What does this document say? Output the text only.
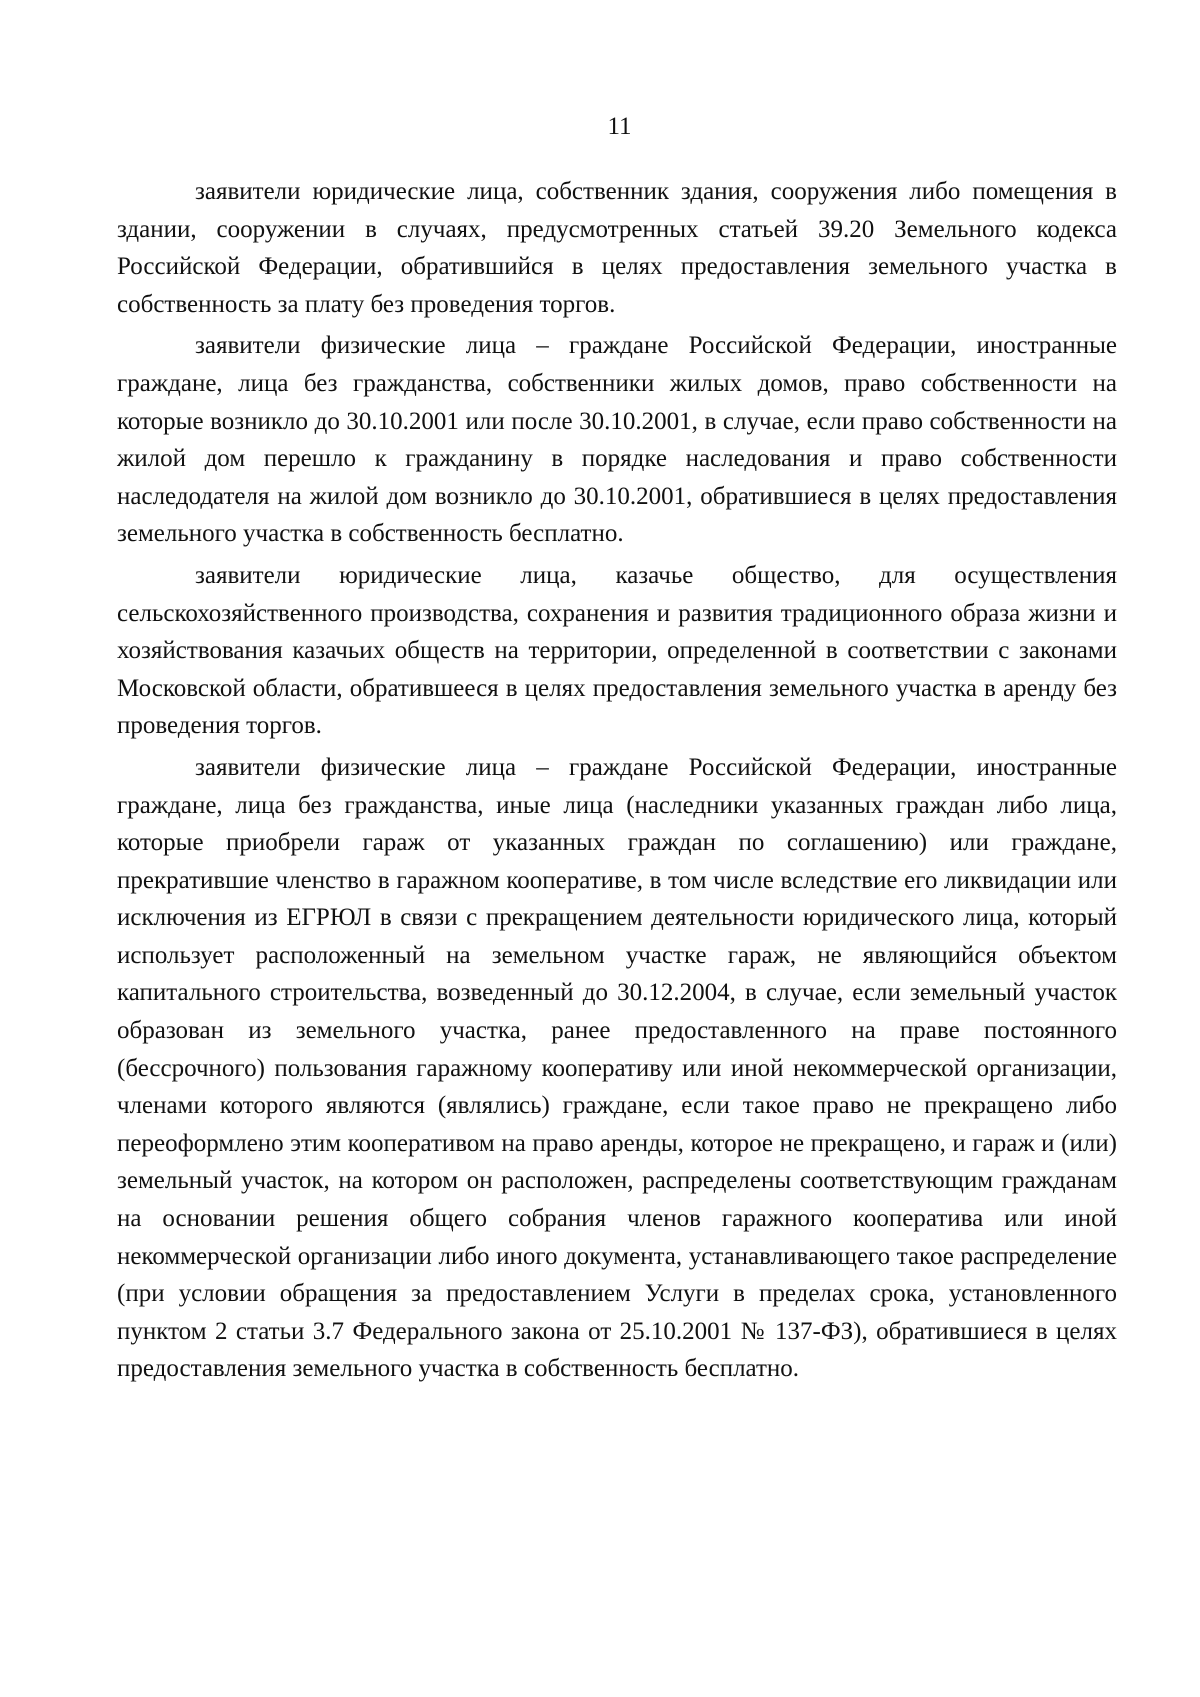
11

заявители юридические лица, собственник здания, сооружения либо помещения в здании, сооружении в случаях, предусмотренных статьей 39.20 Земельного кодекса Российской Федерации, обратившийся в целях предоставления земельного участка в собственность за плату без проведения торгов.

заявители физические лица – граждане Российской Федерации, иностранные граждане, лица без гражданства, собственники жилых домов, право собственности на которые возникло до 30.10.2001 или после 30.10.2001, в случае, если право собственности на жилой дом перешло к гражданину в порядке наследования и право собственности наследодателя на жилой дом возникло до 30.10.2001, обратившиеся в целях предоставления земельного участка в собственность бесплатно.

заявители юридические лица, казачье общество, для осуществления сельскохозяйственного производства, сохранения и развития традиционного образа жизни и хозяйствования казачьих обществ на территории, определенной в соответствии с законами Московской области, обратившееся в целях предоставления земельного участка в аренду без проведения торгов.

заявители физические лица – граждане Российской Федерации, иностранные граждане, лица без гражданства, иные лица (наследники указанных граждан либо лица, которые приобрели гараж от указанных граждан по соглашению) или граждане, прекратившие членство в гаражном кооперативе, в том числе вследствие его ликвидации или исключения из ЕГРЮЛ в связи с прекращением деятельности юридического лица, который использует расположенный на земельном участке гараж, не являющийся объектом капитального строительства, возведенный до 30.12.2004, в случае, если земельный участок образован из земельного участка, ранее предоставленного на праве постоянного (бессрочного) пользования гаражному кооперативу или иной некоммерческой организации, членами которого являются (являлись) граждане, если такое право не прекращено либо переоформлено этим кооперативом на право аренды, которое не прекращено, и гараж и (или) земельный участок, на котором он расположен, распределены соответствующим гражданам на основании решения общего собрания членов гаражного кооператива или иной некоммерческой организации либо иного документа, устанавливающего такое распределение (при условии обращения за предоставлением Услуги в пределах срока, установленного пунктом 2 статьи 3.7 Федерального закона от 25.10.2001 № 137-ФЗ), обратившиеся в целях предоставления земельного участка в собственность бесплатно.
